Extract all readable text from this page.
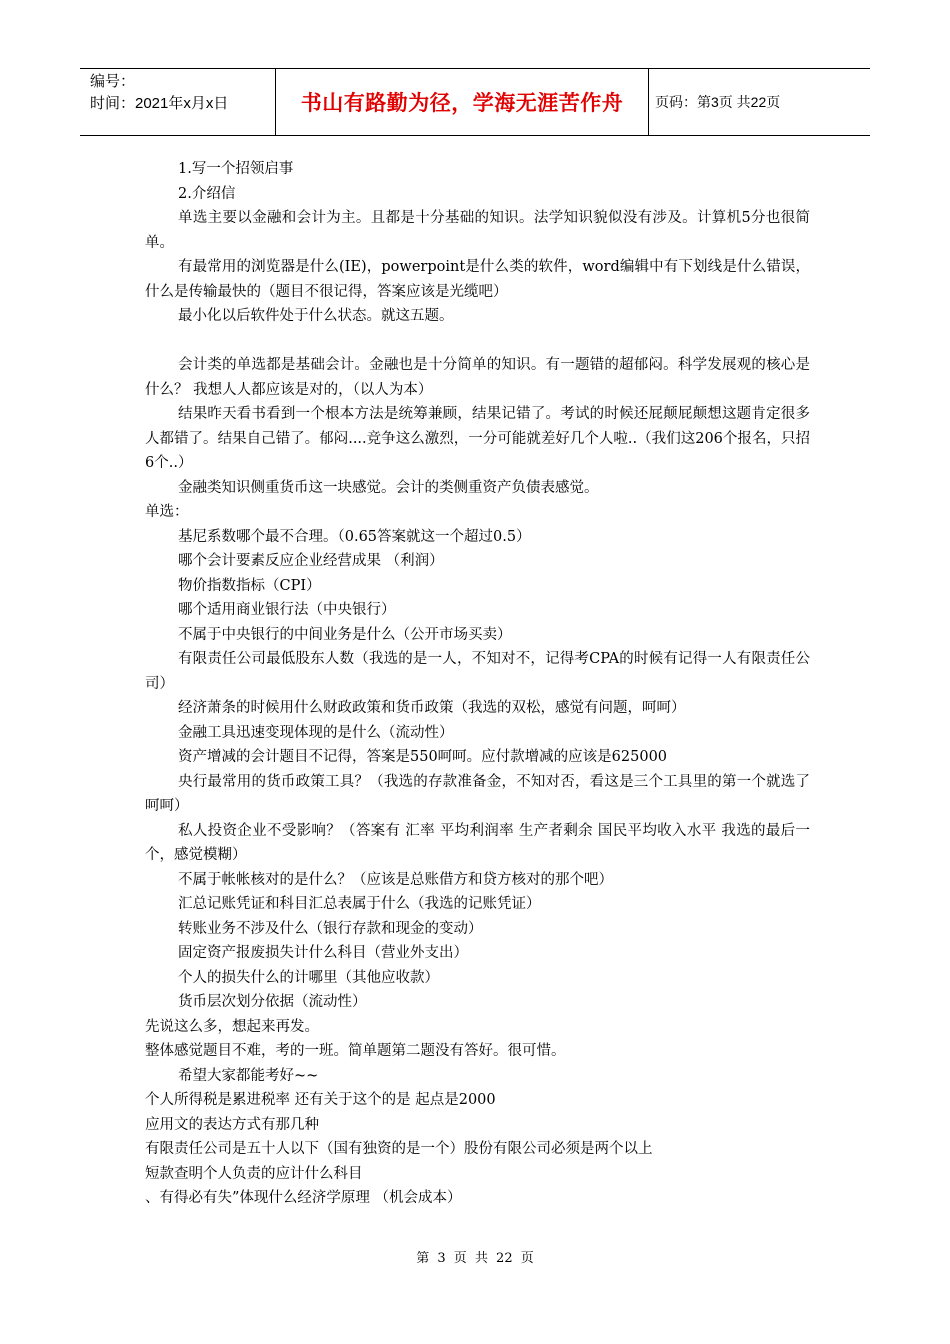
编号：
时间：2021年x月x日	书山有路勤为径，学海无涯苦作舟	页码：第3页 共22页

1.写一个招领启事

2.介绍信

单选主要以金融和会计为主。且都是十分基础的知识。法学知识貌似没有涉及。计算机5分也很简单。

有最常用的浏览器是什么(IE)，powerpoint是什么类的软件，word编辑中有下划线是什么错误，什么是传输最快的（题目不很记得，答案应该是光缆吧）

最小化以后软件处于什么状态。就这五题。

会计类的单选都是基础会计。金融也是十分简单的知识。有一题错的超郁闷。科学发展观的核心是什么？ 我想人人都应该是对的，（以人为本）

结果昨天看书看到一个根本方法是统筹兼顾，结果记错了。考试的时候还屁颠屁颠想这题肯定很多人都错了。结果自己错了。郁闷....竞争这么激烈，一分可能就差好几个人啦..（我们这206个报名，只招6个..）

金融类知识侧重货币这一块感觉。会计的类侧重资产负债表感觉。

单选：

基尼系数哪个最不合理。（0.65答案就这一个超过0.5）

哪个会计要素反应企业经营成果 （利润）

物价指数指标（CPI）

哪个适用商业银行法（中央银行）

不属于中央银行的中间业务是什么（公开市场买卖）

有限责任公司最低股东人数（我选的是一人，不知对不，记得考CPA的时候有记得一人有限责任公司）

经济萧条的时候用什么财政政策和货币政策（我选的双松，感觉有问题，呵呵）

金融工具迅速变现体现的是什么（流动性）

资产增减的会计题目不记得，答案是550呵呵。应付款增减的应该是625000

央行最常用的货币政策工具？（我选的存款准备金，不知对否，看这是三个工具里的第一个就选了呵呵）

私人投资企业不受影响？（答案有 汇率 平均利润率 生产者剩余 国民平均收入水平 我选的最后一个，感觉模糊）

不属于帐帐核对的是什么？（应该是总账借方和贷方核对的那个吧）

汇总记账凭证和科目汇总表属于什么（我选的记账凭证）

转账业务不涉及什么（银行存款和现金的变动）

固定资产报废损失计什么科目（营业外支出）

个人的损失什么的计哪里（其他应收款）

货币层次划分依据（流动性）

先说这么多，想起来再发。

整体感觉题目不难，考的一班。简单题第二题没有答好。很可惜。

希望大家都能考好~~

个人所得税是累进税率 还有关于这个的是 起点是2000

应用文的表达方式有那几种

有限责任公司是五十人以下（国有独资的是一个）股份有限公司必须是两个以上

短款查明个人负责的应计什么科目

、有得必有失”体现什么经济学原理 （机会成本）

第 3 页 共 22 页
